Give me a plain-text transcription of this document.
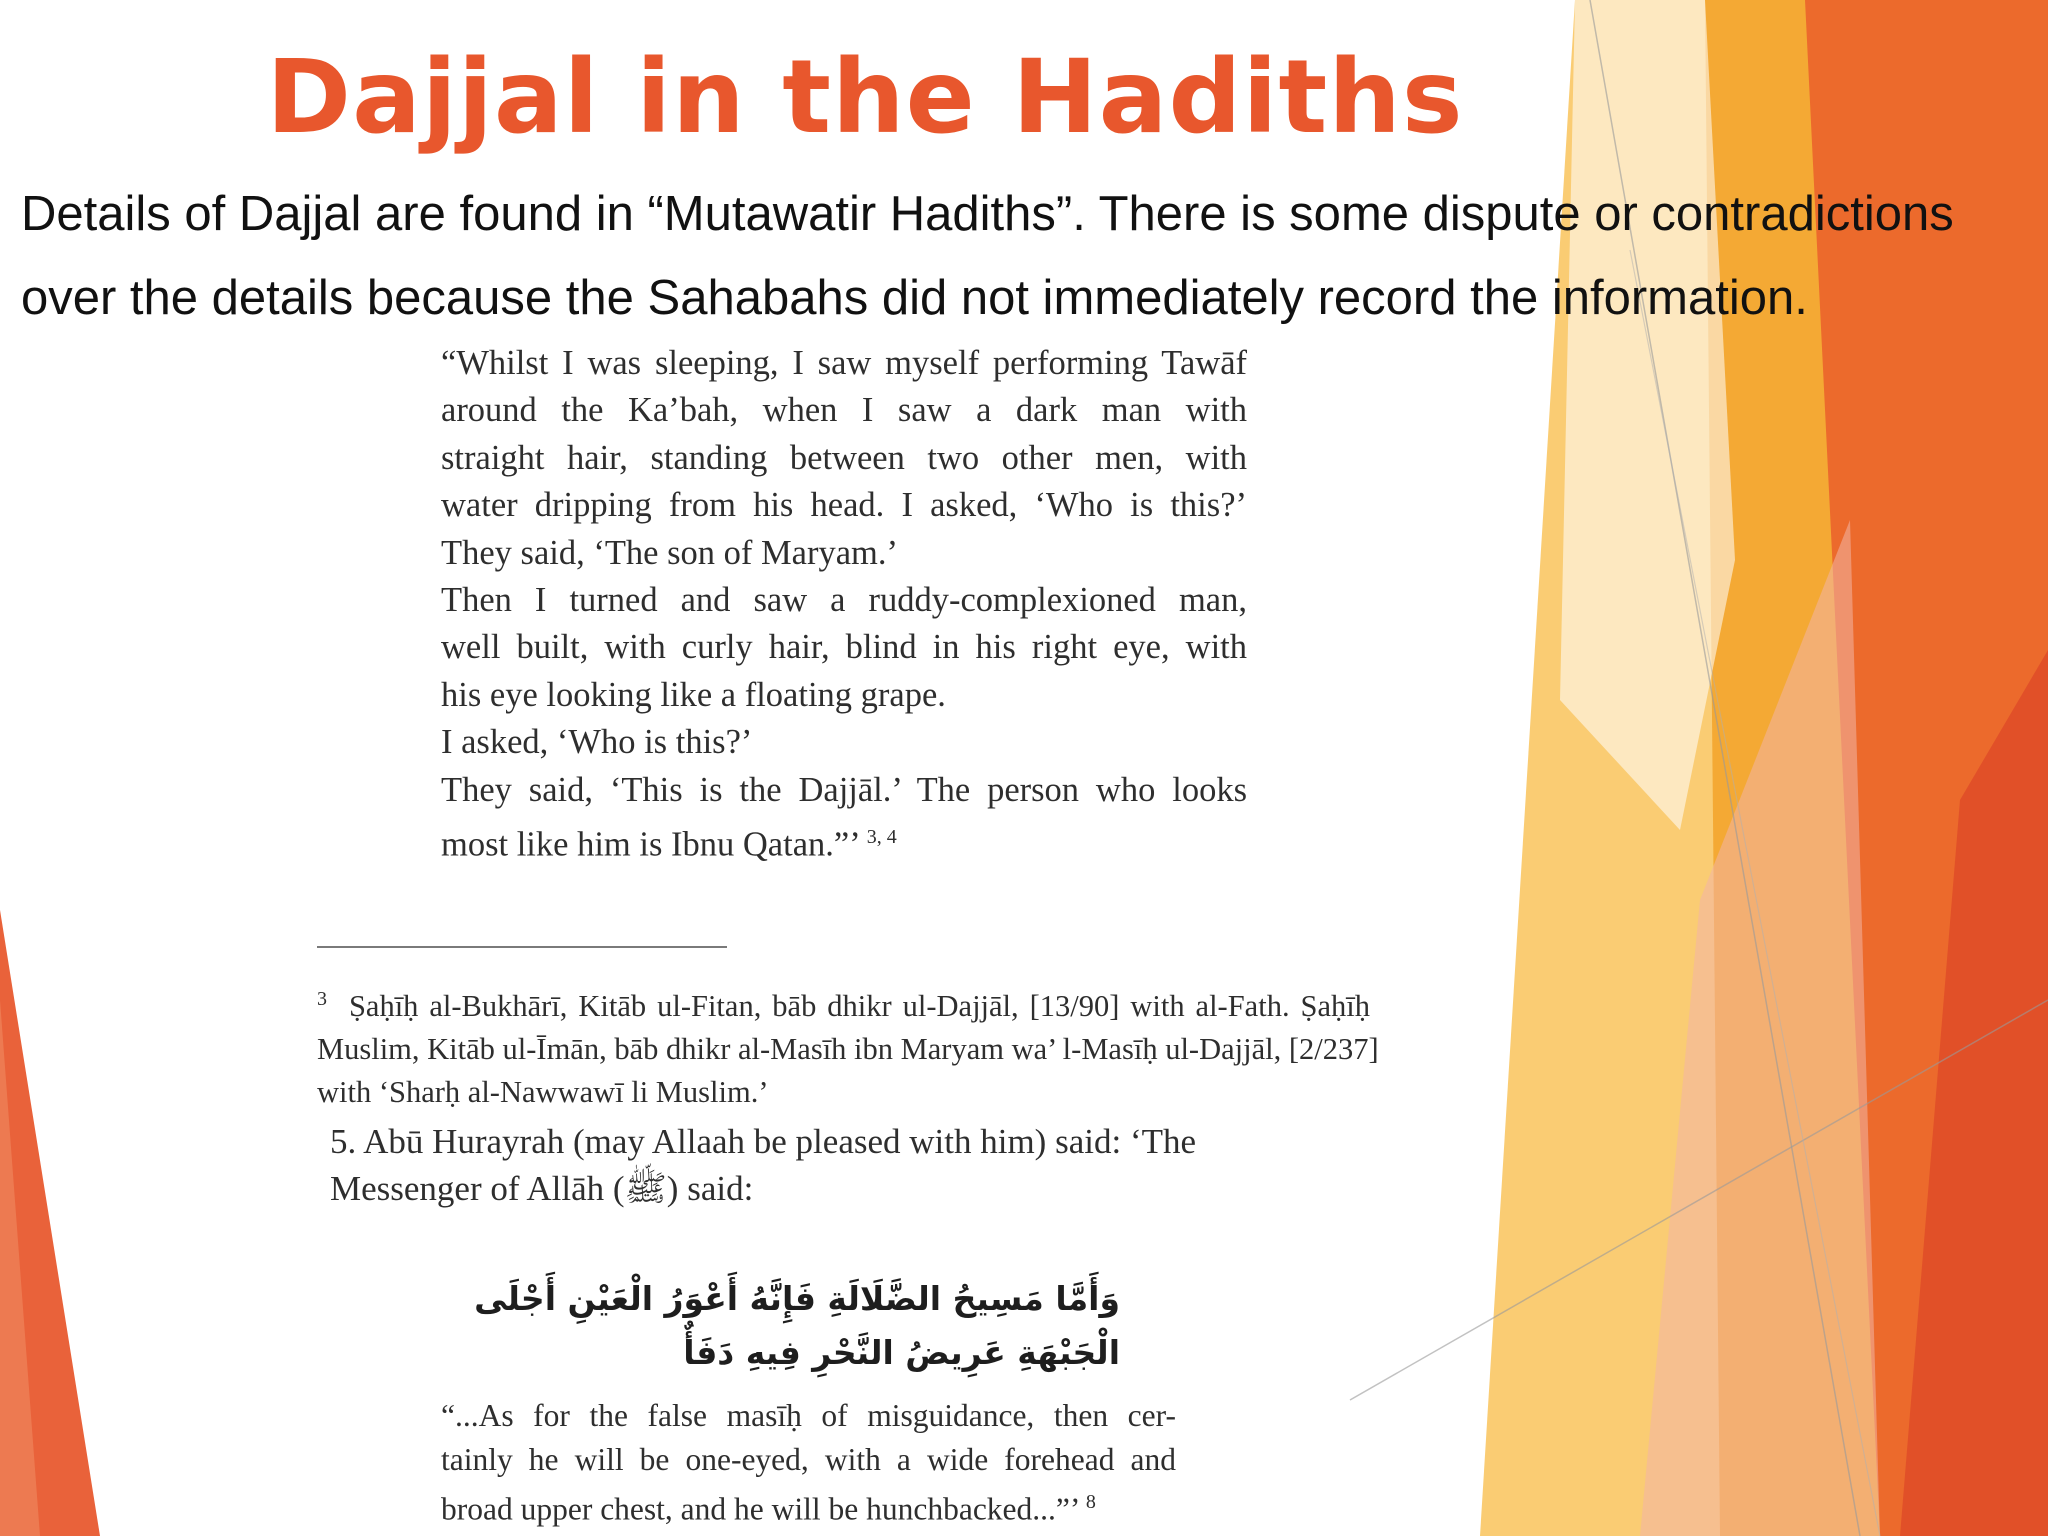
Dajjal in the Hadiths
Details of Dajjal are found in “Mutawatir Hadiths”. There is some dispute or contradictions
over the details because the Sahabahs did not immediately record the information.
“Whilst I was sleeping, I saw myself performing Tawāf
around the Ka’bah, when I saw a dark man with
straight hair, standing between two other men, with
water dripping from his head. I asked, ‘Who is this?’
They said, ‘The son of Maryam.’
Then I turned and saw a ruddy-complexioned man,
well built, with curly hair, blind in his right eye, with
his eye looking like a floating grape.
I asked, ‘Who is this?’
They said, ‘This is the Dajjāl.’ The person who looks
most like him is Ibnu Qatan.”’ $^{3, 4}$
$^3$ Ṣaḥīḥ al-Bukhārī, Kitāb ul-Fitan, bāb dhikr ul-Dajjāl, [13/90] with al-Fath. Ṣaḥīḥ
Muslim, Kitāb ul-Īmān, bāb dhikr al-Masīh ibn Maryam wa’ l-Masīḥ ul-Dajjāl, [2/237]
with ‘Sharḥ al-Nawwawī li Muslim.’
5. Abū Hurayrah (may Allaah be pleased with him) said: ‘The
Messenger of Allāh (ﷺ) said:
وَأَمَّا مَسِيحُ الضَّلَالَةِ فَإِنَّهُ أَعْوَرُ الْعَيْنِ أَجْلَى
الْجَبْهَةِ عَرِيضُ النَّحْرِ فِيهِ دَفَأٌ
“...As for the false masīḥ of misguidance, then cer-
tainly he will be one-eyed, with a wide forehead and
broad upper chest, and he will be hunchbacked...”’ $^8$
